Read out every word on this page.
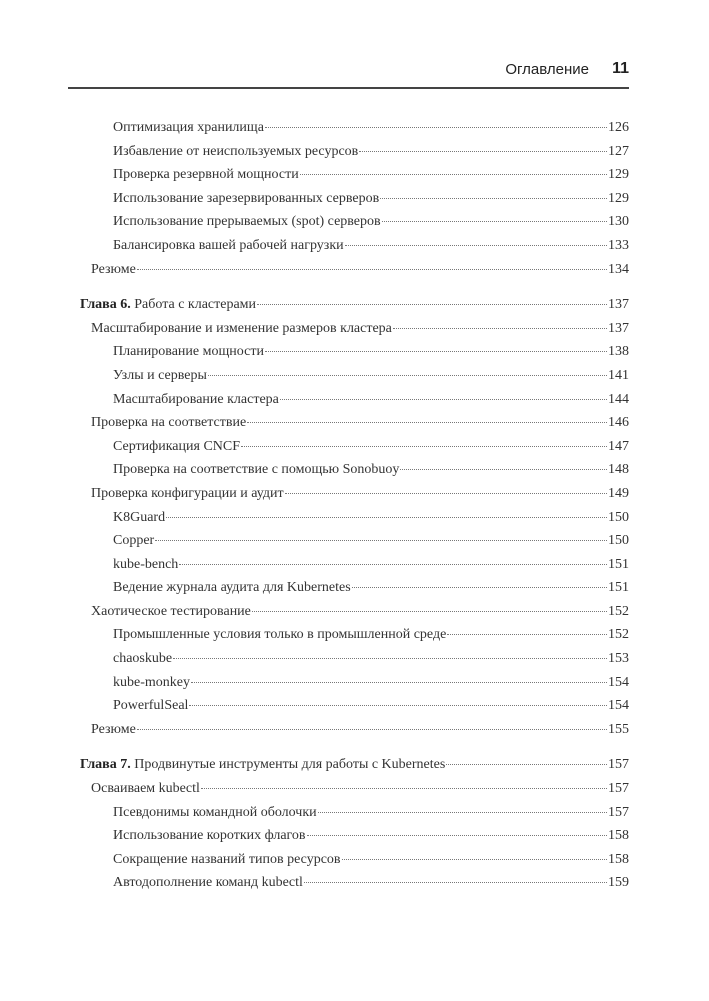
Оглавление 11
Оптимизация хранилища	126
Избавление от неиспользуемых ресурсов	127
Проверка резервной мощности	129
Использование зарезервированных серверов	129
Использование прерываемых (spot) серверов	130
Балансировка вашей рабочей нагрузки	133
Резюме	134
Глава 6. Работа с кластерами	137
Масштабирование и изменение размеров кластера	137
Планирование мощности	138
Узлы и серверы	141
Масштабирование кластера	144
Проверка на соответствие	146
Сертификация CNCF	147
Проверка на соответствие с помощью Sonobuoy	148
Проверка конфигурации и аудит	149
K8Guard	150
Copper	150
kube-bench	151
Ведение журнала аудита для Kubernetes	151
Хаотическое тестирование	152
Промышленные условия только в промышленной среде	152
chaoskube	153
kube-monkey	154
PowerfulSeal	154
Резюме	155
Глава 7. Продвинутые инструменты для работы с Kubernetes	157
Осваиваем kubectl	157
Псевдонимы командной оболочки	157
Использование коротких флагов	158
Сокращение названий типов ресурсов	158
Автодополнение команд kubectl	159
